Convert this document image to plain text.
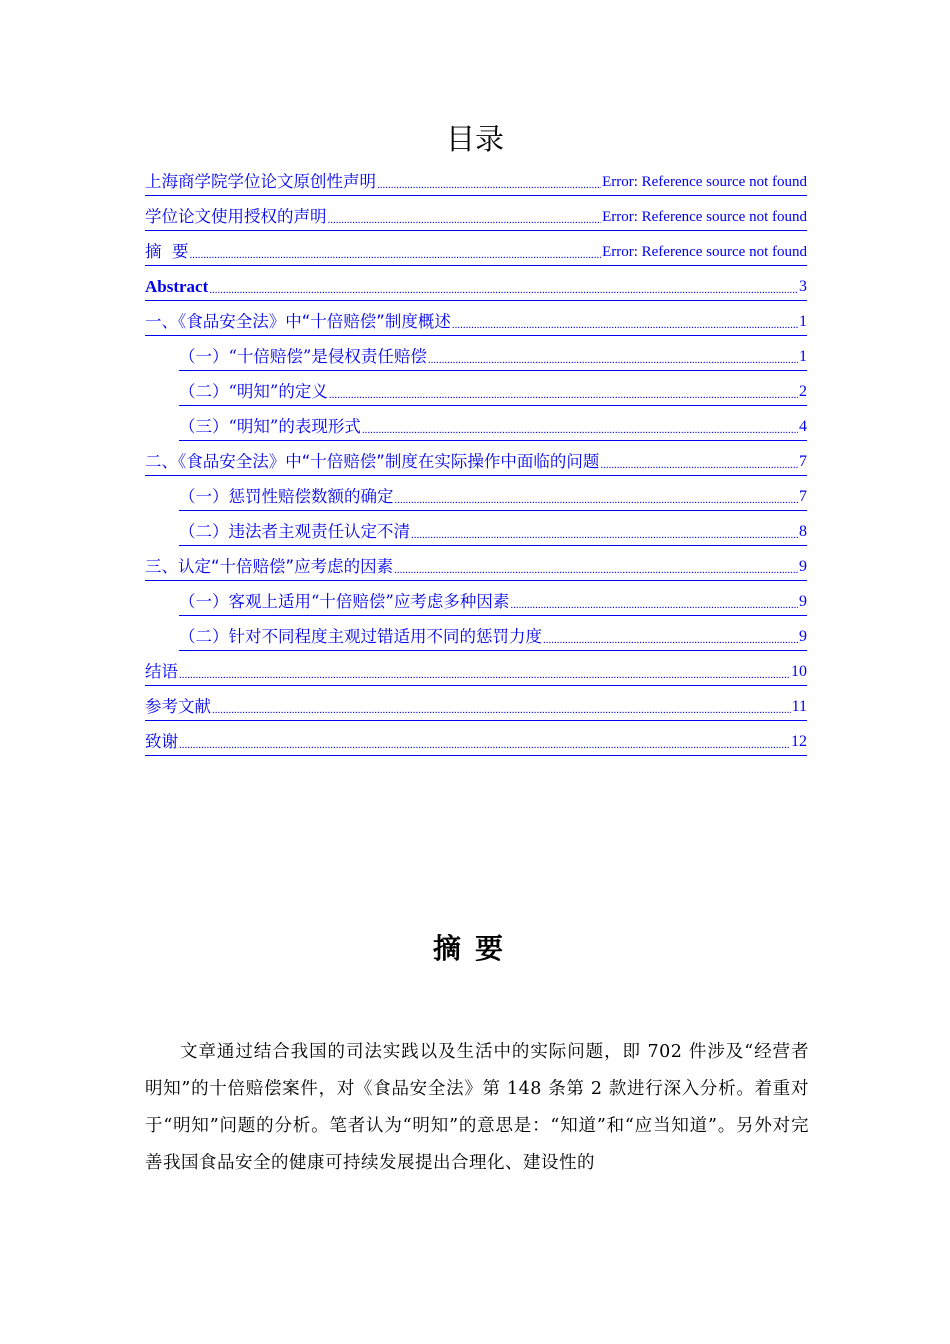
目录
上海商学院学位论文原创性声明 .....	Error: Reference source not found
学位论文使用授权的声明 .....	Error: Reference source not found
摘  要 .....	Error: Reference source not found
Abstract .....	3
一、《食品安全法》中“十倍赔偿”制度概述 .....	1
（一）“十倍赔偿”是侵权责任赔偿 .....	1
（二）“明知”的定义 .....	2
（三）“明知”的表现形式 .....	4
二、《食品安全法》中“十倍赔偿”制度在实际操作中面临的问题 .....	7
（一）惩罚性赔偿数额的确定 .....	7
（二）违法者主观责任认定不清 .....	8
三、认定“十倍赔偿”应考虑的因素 .....	9
（一）客观上适用“十倍赔偿”应考虑多种因素 .....	9
（二）针对不同程度主观过错适用不同的惩罚力度 .....	9
结语 .....	10
参考文献 .....	11
致谢 .....	12
摘要
文章通过结合我国的司法实践以及生活中的实际问题，即 702 件涉及“经营者明知”的十倍赔偿案件，对《食品安全法》第 148 条第 2 款进行深入分析。着重对于“明知”问题的分析。笔者认为“明知”的意思是：“知道”和“应当知道”。另外对完善我国食品安全的健康可持续发展提出合理化、建设性的
